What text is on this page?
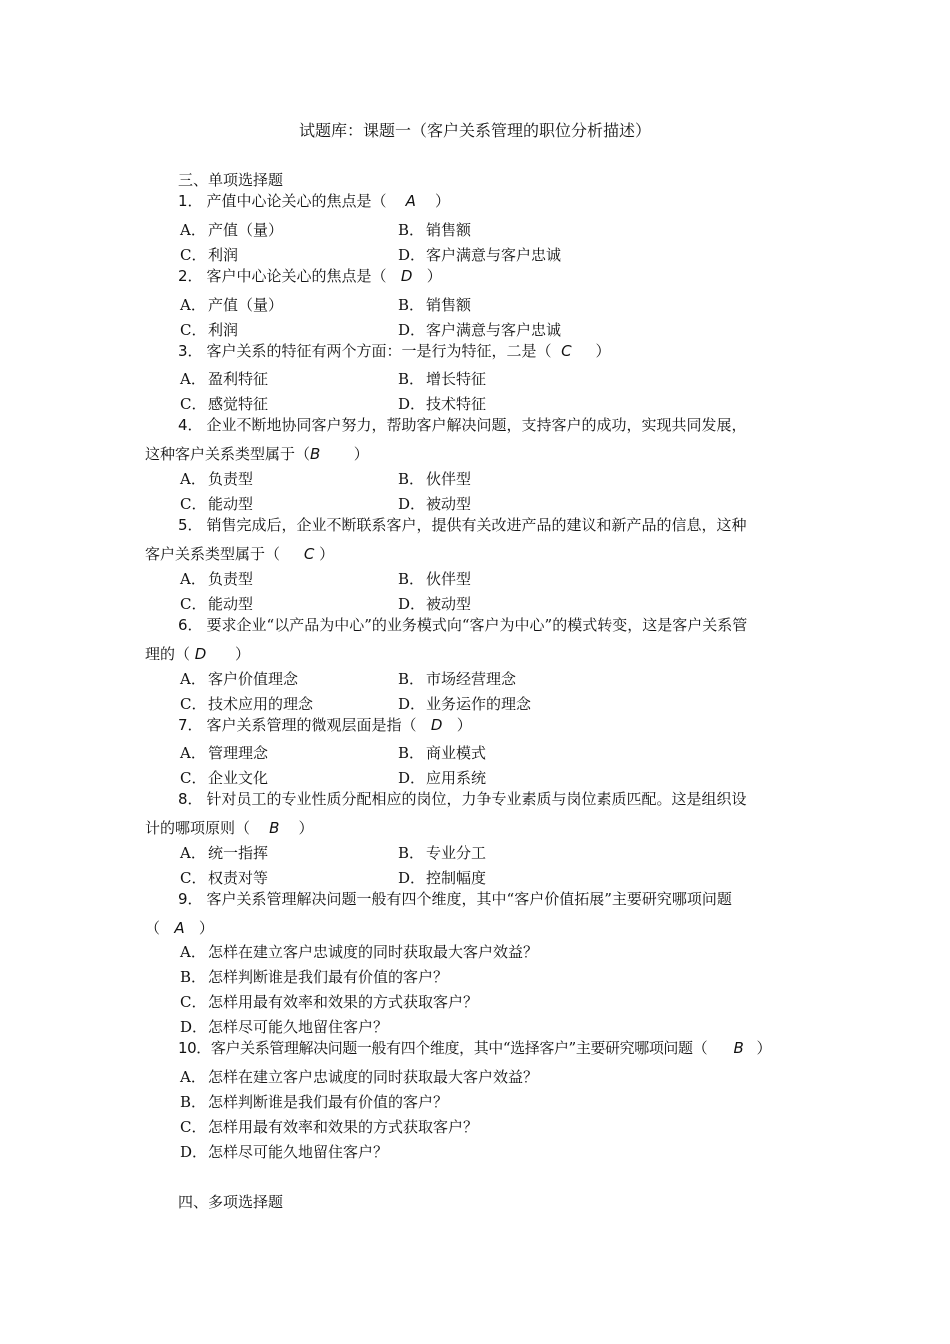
试题库：课题一（客户关系管理的职位分析描述）
三、单项选择题
1． 产值中心论关心的焦点是（ A ）
A． 产值（量）	B． 销售额
C． 利润	D．客户满意与客户忠诚
2． 客户中心论关心的焦点是（ D ）
A． 产值（量）	B． 销售额
C． 利润	D．客户满意与客户忠诚
3． 客户关系的特征有两个方面：一是行为特征，二是（ C ）
A． 盈利特征	B． 增长特征
C． 感觉特征	D．技术特征
4． 企业不断地协同客户努力，帮助客户解决问题，支持客户的成功，实现共同发展，
这种客户关系类型属于（B ）
A． 负责型	B． 伙伴型
C． 能动型	D．被动型
5． 销售完成后，企业不断联系客户，提供有关改进产品的建议和新产品的信息，这种
客户关系类型属于（ C ）
A． 负责型	B． 伙伴型
C． 能动型	D．被动型
6． 要求企业“以产品为中心”的业务模式向“客户为中心”的模式转变，这是客户关系管
理的（ D ）
A． 客户价值理念	B． 市场经营理念
C． 技术应用的理念	D．业务运作的理念
7． 客户关系管理的微观层面是指（ D ）
A． 管理理念	B． 商业模式
C． 企业文化	D．应用系统
8． 针对员工的专业性质分配相应的岗位，力争专业素质与岗位素质匹配。这是组织设
计的哪项原则（ B ）
A． 统一指挥	B． 专业分工
C． 权责对等	D．控制幅度
9． 客户关系管理解决问题一般有四个维度，其中“客户价值拓展”主要研究哪项问题
（ A ）
A． 怎样在建立客户忠诚度的同时获取最大客户效益？
B． 怎样判断谁是我们最有价值的客户？
C． 怎样用最有效率和效果的方式获取客户？
D．怎样尽可能久地留住客户？
10．客户关系管理解决问题一般有四个维度，其中“选择客户”主要研究哪项问题（ B ）
A． 怎样在建立客户忠诚度的同时获取最大客户效益？
B． 怎样判断谁是我们最有价值的客户？
C． 怎样用最有效率和效果的方式获取客户？
D．怎样尽可能久地留住客户？
四、多项选择题
